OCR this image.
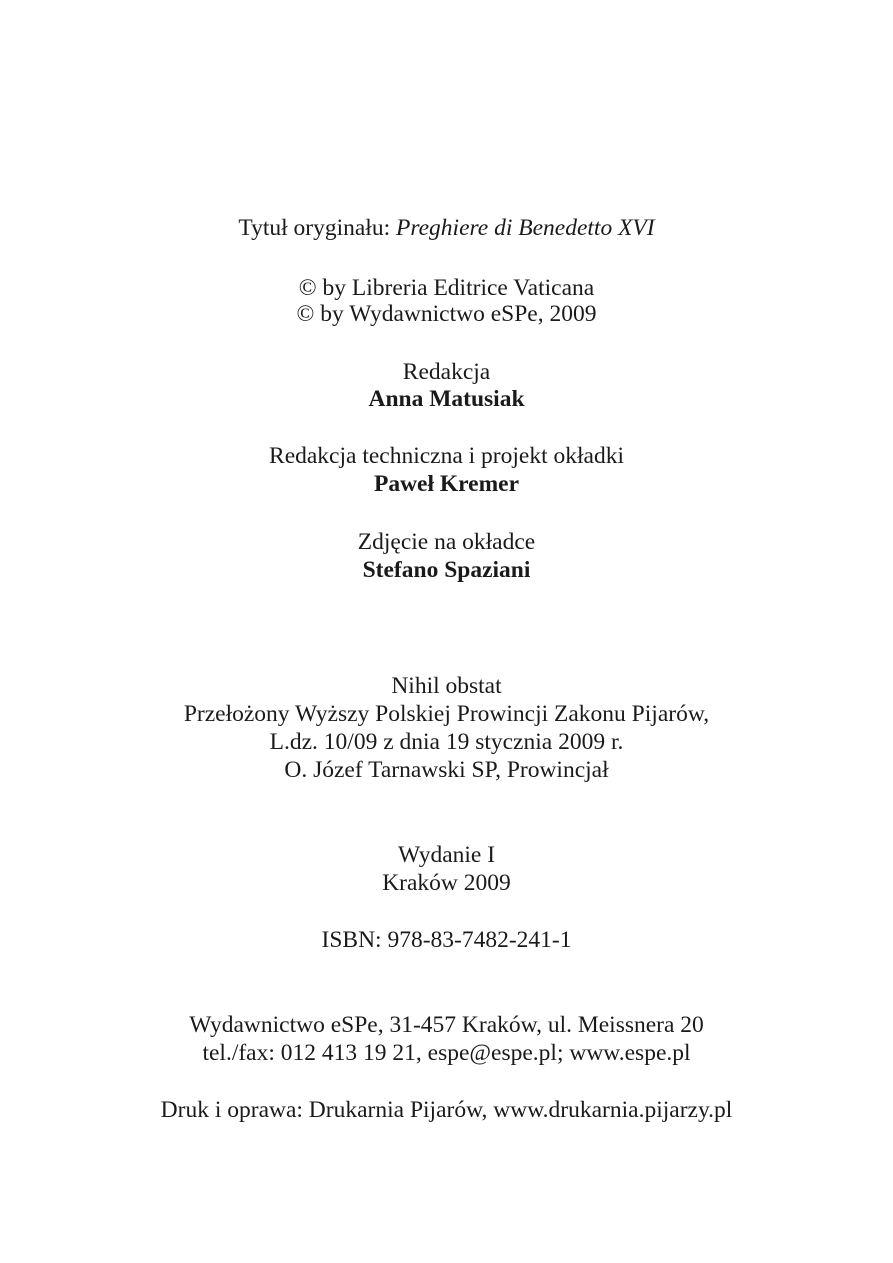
Tytuł oryginału: Preghiere di Benedetto XVI
© by Libreria Editrice Vaticana
© by Wydawnictwo eSPe, 2009
Redakcja
Anna Matusiak
Redakcja techniczna i projekt okładki
Paweł Kremer
Zdjęcie na okładce
Stefano Spaziani
Nihil obstat
Przełożony Wyższy Polskiej Prowincji Zakonu Pijarów,
L.dz. 10/09 z dnia 19 stycznia 2009 r.
O. Józef Tarnawski SP, Prowincjał
Wydanie I
Kraków 2009
ISBN: 978-83-7482-241-1
Wydawnictwo eSPe, 31-457 Kraków, ul. Meissnera 20
tel./fax: 012 413 19 21, espe@espe.pl; www.espe.pl
Druk i oprawa: Drukarnia Pijarów, www.drukarnia.pijarzy.pl
